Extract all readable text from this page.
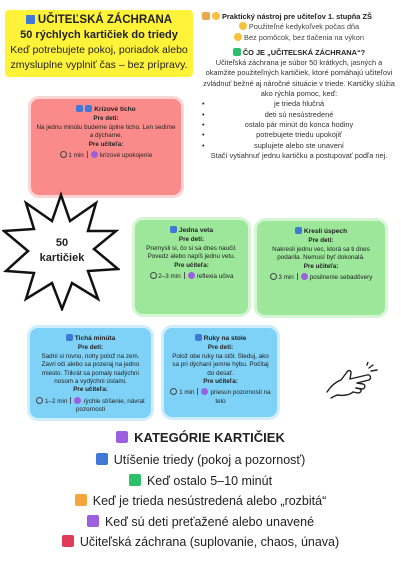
UČITEĽSKÁ ZÁCHRANA
50 rýchlych kartičiek do triedy
Keď potrebujete pokoj, poriadok alebo zmysluplne vyplniť čas – bez prípravy.
Praktický nástroj pre učiteľov 1. stupňa ZŠ
Použiteľné kedykoľvek počas dňa
Bez pomôcok, bez tlačenia na výkon
ČO JE „UČITEĽSKÁ ZÁCHRANA“?
Učiteľská záchrana je súbor 50 krátkych, jasných a okamžite použiteľných kartičiek, ktoré pomáhajú učiteľovi zvládnuť bežné aj náročné situácie v triede. Kartičky slúžia ako rýchla pomoc, keď:
• je trieda hlučná
• deti sú nesústredené
• ostalo pár minút do konca hodiny
• potrebujete triedu upokojiť
• suplujete alebo ste unavení
Stačí vytiahnuť jednu kartičku a postupovať podľa nej.
Krízové ticho
Pre deti:
Na jednu minútu budeme úplne ticho. Len sedíme a dýchame.
Pre učiteľa:
1 min	krízové upokojenie
50
kartičiek
Jedna veta
Pre deti:
Premysli si, čo si sa dnes naučil. Povedz alebo napíš jednu vetu.
Pre učiteľa:
2–3 min	reflexia učiva
Kresli úspech
Pre deti:
Nakresli jednu vec, ktorá sa ti dnes podarila. Nemusí byť dokonalá.
Pre učiteľa:
3 min	posilnenie sebadôvery
Tichá minúta
Pre deti:
Sadni si rovno, nohy polož na zem. Zavri oči alebo sa pozeraj na jedno miesto. Trikrát sa pomaly nadýchni nosom a vydýchni ústami.
Pre učiteľa:
1–2 min	rýchle stíšenie, návrat pozornosti
Ruky na stole
Pre deti:
Polož obe ruky na stôl. Sleduj, ako sa pri dýchaní jemne hýbu. Počítaj do desať.
Pre učiteľa:
1 min	priesun pozornosti na telo
KATEGÓRIE KARTIČIEK
Utíšenie triedy (pokoj a pozornosť)
Keď ostalo 5–10 minút
Keď je trieda nesústredená alebo „rozbitá“
Keď sú deti preťažené alebo unavené
Učiteľská záchrana (suplovanie, chaos, únava)
